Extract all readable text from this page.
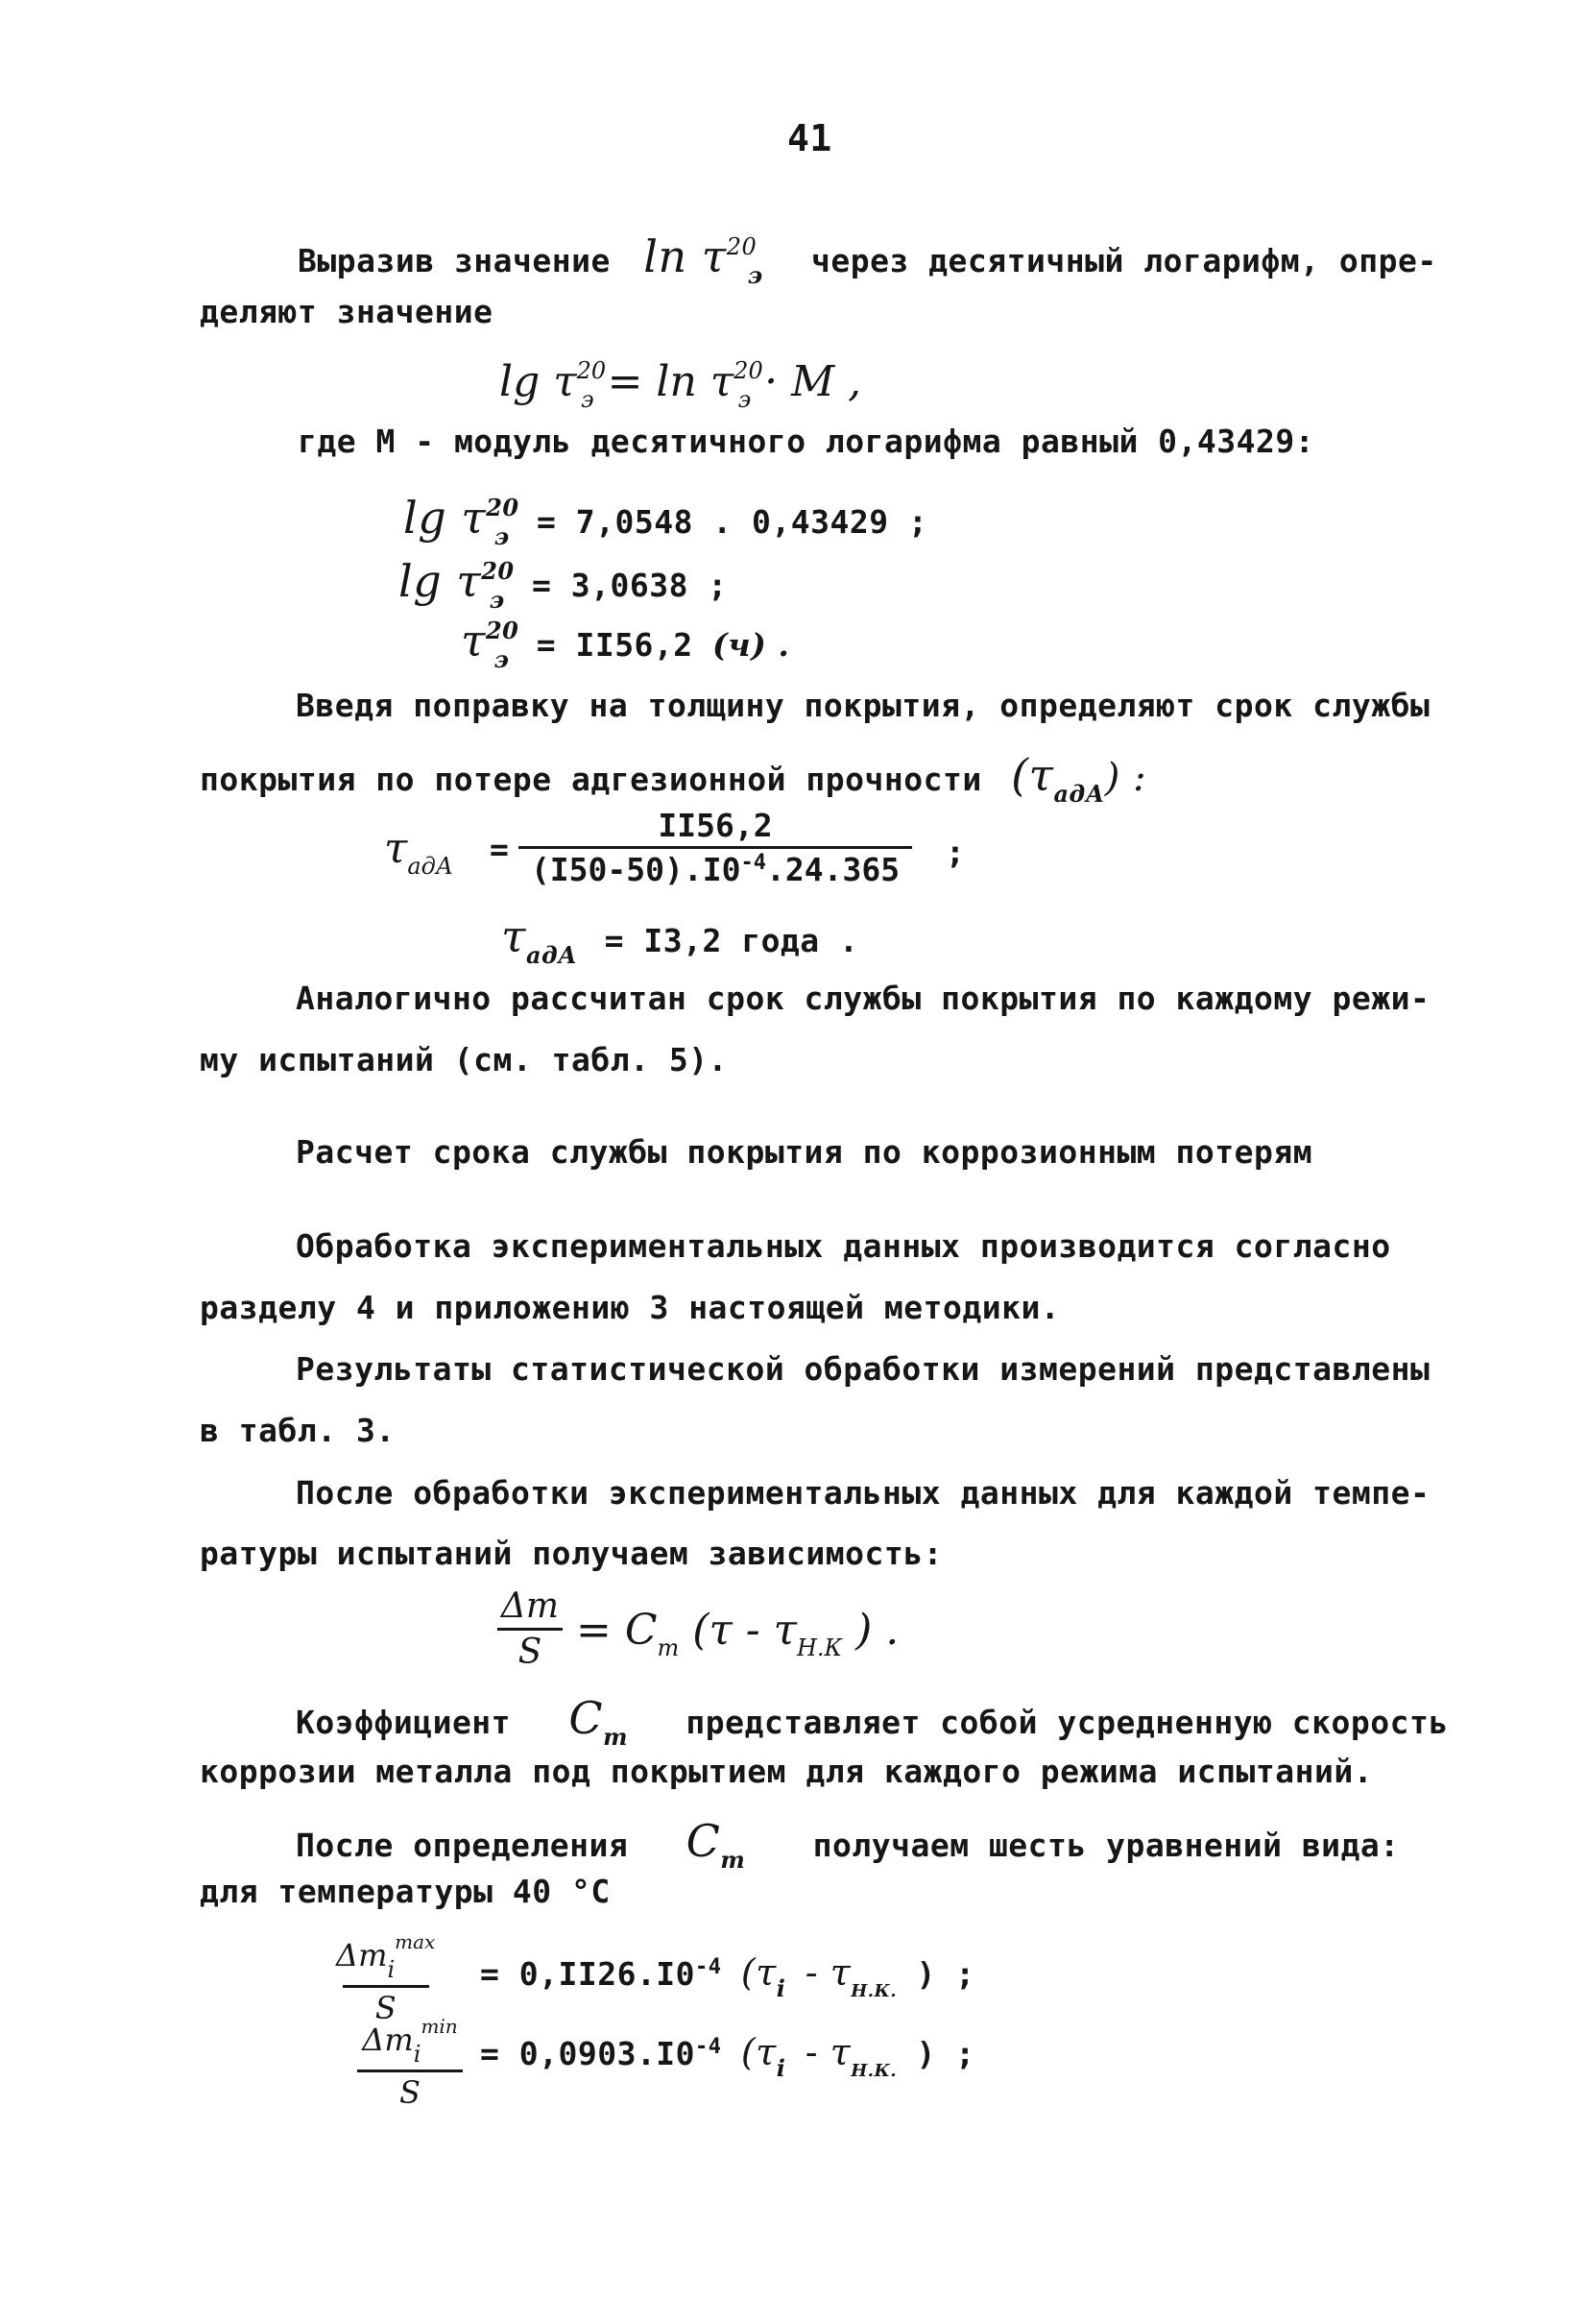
41
Выразив значение $\ln \tau^{20}$ $_э$ через десятичный логарифм, опре-
деляют значение
$\lg \tau^{20}_э = \ln \tau^{20}_э \cdot M$ ,
где М - модуль десятичного логарифма равный 0,43429:
$\lg \tau^{20}_э = 7,0548$ . 0,43429 ;
$\lg \tau^{20}_э = 3,0638$ ;
$\tau^{20}_э = II56,2$ (ч) .
Введя поправку на толщину покрытия, определяют срок службы
покрытия по потере адгезионной прочности $(\tau_{адА})$ :
$\tau_{адА}$ =
II56,2
$(I50-50).I0^{-4}.24.365$ ;
$\tau_{адА} = I3,2$ года .
Аналогично рассчитан срок службы покрытия по каждому режи-
му испытаний (см. табл. 5).
Расчет срока службы покрытия по коррозионным потерям
Обработка экспериментальных данных производится согласно
разделу 4 и приложению 3 настоящей методики.
Результаты статистической обработки измерений представлены
в табл. 3.
После обработки экспериментальных данных для каждой темпе-
ратуры испытаний получаем зависимость:
Δm
$S = C_m$ ($\tau - \tau_{Н.К}$ ) .
Коэффициент $C_m$ представляет собой усредненную скорость
коррозии металла под покрытием для каждого режима испытаний.
После определения $C_m$ получаем шесть уравнений вида:
для температуры 40 °С
$\Delta m_i^{max}$
S
= $0,II26.I0^{-4}$ ($\tau_i - \tau_{Н.К.}$ ) ;
$\Delta m_i^{min}$
S
= $0,0903.I0^{-4}$ ($\tau_i - \tau_{Н.К.}$ ) ;
